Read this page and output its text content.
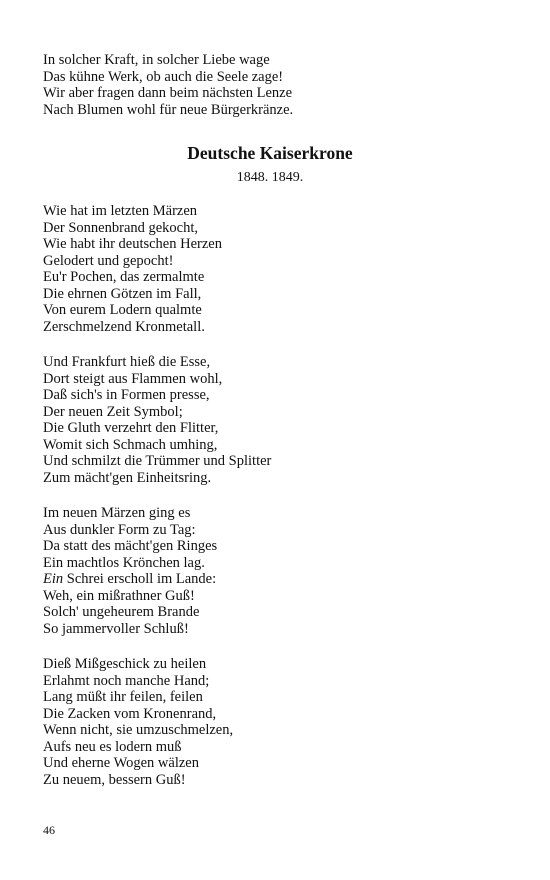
In solcher Kraft, in solcher Liebe wage
Das kühne Werk, ob auch die Seele zage!
Wir aber fragen dann beim nächsten Lenze
Nach Blumen wohl für neue Bürgerkränze.
Deutsche Kaiserkrone
1848. 1849.
Wie hat im letzten Märzen
Der Sonnenbrand gekocht,
Wie habt ihr deutschen Herzen
Gelodert und gepocht!
Eu'r Pochen, das zermalmte
Die ehrnen Götzen im Fall,
Von eurem Lodern qualmte
Zerschmelzend Kronmetall.
Und Frankfurt hieß die Esse,
Dort steigt aus Flammen wohl,
Daß sich's in Formen presse,
Der neuen Zeit Symbol;
Die Gluth verzehrt den Flitter,
Womit sich Schmach umhing,
Und schmilzt die Trümmer und Splitter
Zum mächt'gen Einheitsring.
Im neuen Märzen ging es
Aus dunkler Form zu Tag:
Da statt des mächt'gen Ringes
Ein machtlos Krönchen lag.
Ein Schrei erscholl im Lande:
Weh, ein mißrathner Guß!
Solch' ungeheurem Brande
So jammervoller Schluß!
Dieß Mißgeschick zu heilen
Erlahmt noch manche Hand;
Lang müßt ihr feilen, feilen
Die Zacken vom Kronenrand,
Wenn nicht, sie umzuschmelzen,
Aufs neu es lodern muß
Und eherne Wogen wälzen
Zu neuem, bessern Guß!
46
